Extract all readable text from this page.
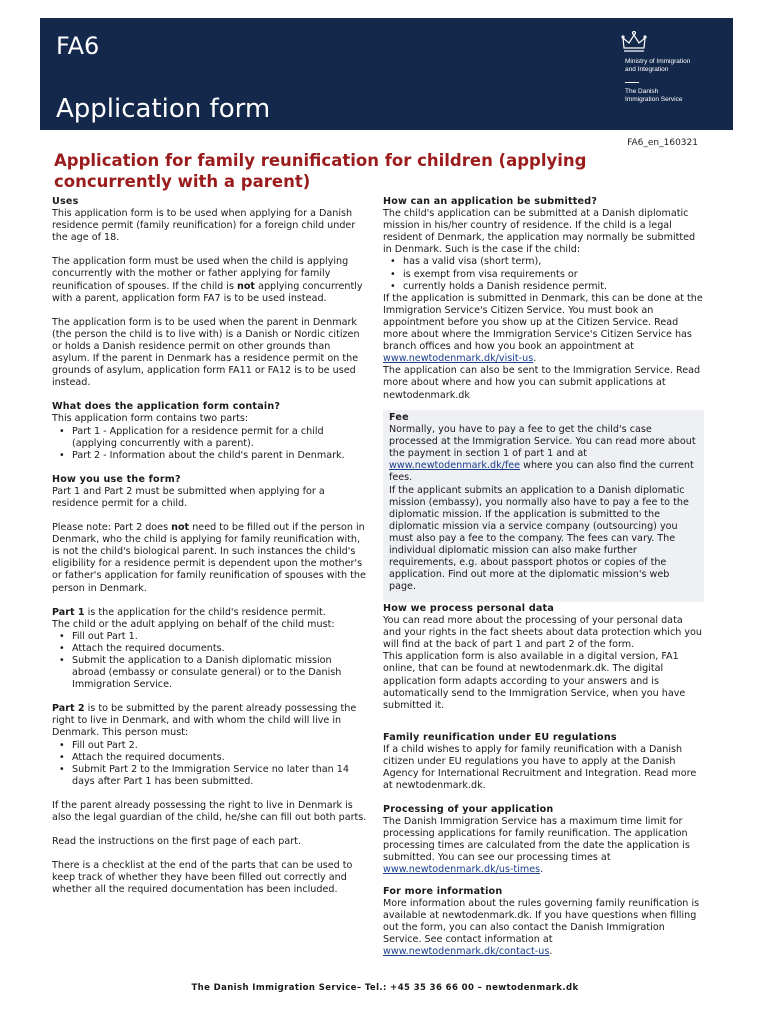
FA6
Application form
Ministry of Immigration
and Integration
The Danish
Immigration Service
FA6_en_160321
Application for family reunification for children (applying concurrently with a parent)
Uses
This application form is to be used when applying for a Danish residence permit (family reunification) for a foreign child under the age of 18.
The application form must be used when the child is applying concurrently with the mother or father applying for family reunification of spouses. If the child is not applying concurrently with a parent, application form FA7 is to be used instead.
The application form is to be used when the parent in Denmark (the person the child is to live with) is a Danish or Nordic citizen or holds a Danish residence permit on other grounds than asylum. If the parent in Denmark has a residence permit on the grounds of asylum, application form FA11 or FA12 is to be used instead.
What does the application form contain?
This application form contains two parts:
• Part 1 - Application for a residence permit for a child (applying concurrently with a parent).
• Part 2 - Information about the child's parent in Denmark.
How you use the form?
Part 1 and Part 2 must be submitted when applying for a residence permit for a child.
Please note: Part 2 does not need to be filled out if the person in Denmark, who the child is applying for family reunification with, is not the child's biological parent. In such instances the child's eligibility for a residence permit is dependent upon the mother's or father's application for family reunification of spouses with the person in Denmark.
Part 1 is the application for the child's residence permit.
The child or the adult applying on behalf of the child must:
• Fill out Part 1.
• Attach the required documents.
• Submit the application to a Danish diplomatic mission abroad (embassy or consulate general) or to the Danish Immigration Service.
Part 2 is to be submitted by the parent already possessing the right to live in Denmark, and with whom the child will live in Denmark. This person must:
• Fill out Part 2.
• Attach the required documents.
• Submit Part 2 to the Immigration Service no later than 14 days after Part 1 has been submitted.
If the parent already possessing the right to live in Denmark is also the legal guardian of the child, he/she can fill out both parts.
Read the instructions on the first page of each part.
There is a checklist at the end of the parts that can be used to keep track of whether they have been filled out correctly and whether all the required documentation has been included.
How can an application be submitted?
The child's application can be submitted at a Danish diplomatic mission in his/her country of residence. If the child is a legal resident of Denmark, the application may normally be submitted in Denmark. Such is the case if the child:
• has a valid visa (short term),
• is exempt from visa requirements or
• currently holds a Danish residence permit.
If the application is submitted in Denmark, this can be done at the Immigration Service's Citizen Service. You must book an appointment before you show up at the Citizen Service. Read more about where the Immigration Service's Citizen Service has branch offices and how you book an appointment at www.newtodenmark.dk/visit-us.
The application can also be sent to the Immigration Service. Read more about where and how you can submit applications at newtodenmark.dk
Fee
Normally, you have to pay a fee to get the child's case processed at the Immigration Service. You can read more about the payment in section 1 of part 1 and at www.newtodenmark.dk/fee where you can also find the current fees.
If the applicant submits an application to a Danish diplomatic mission (embassy), you normally also have to pay a fee to the diplomatic mission. If the application is submitted to the diplomatic mission via a service company (outsourcing) you must also pay a fee to the company. The fees can vary. The individual diplomatic mission can also make further requirements, e.g. about passport photos or copies of the application. Find out more at the diplomatic mission's web page.
How we process personal data
You can read more about the processing of your personal data and your rights in the fact sheets about data protection which you will find at the back of part 1 and part 2 of the form.
This application form is also available in a digital version, FA1 online, that can be found at newtodenmark.dk. The digital application form adapts according to your answers and is automatically send to the Immigration Service, when you have submitted it.
Family reunification under EU regulations
If a child wishes to apply for family reunification with a Danish citizen under EU regulations you have to apply at the Danish Agency for International Recruitment and Integration. Read more at newtodenmark.dk.
Processing of your application
The Danish Immigration Service has a maximum time limit for processing applications for family reunification. The application processing times are calculated from the date the application is submitted. You can see our processing times at www.newtodenmark.dk/us-times.
For more information
More information about the rules governing family reunification is available at newtodenmark.dk. If you have questions when filling out the form, you can also contact the Danish Immigration Service. See contact information at www.newtodenmark.dk/contact-us.
The Danish Immigration Service– Tel.: +45 35 36 66 00 – newtodenmark.dk
